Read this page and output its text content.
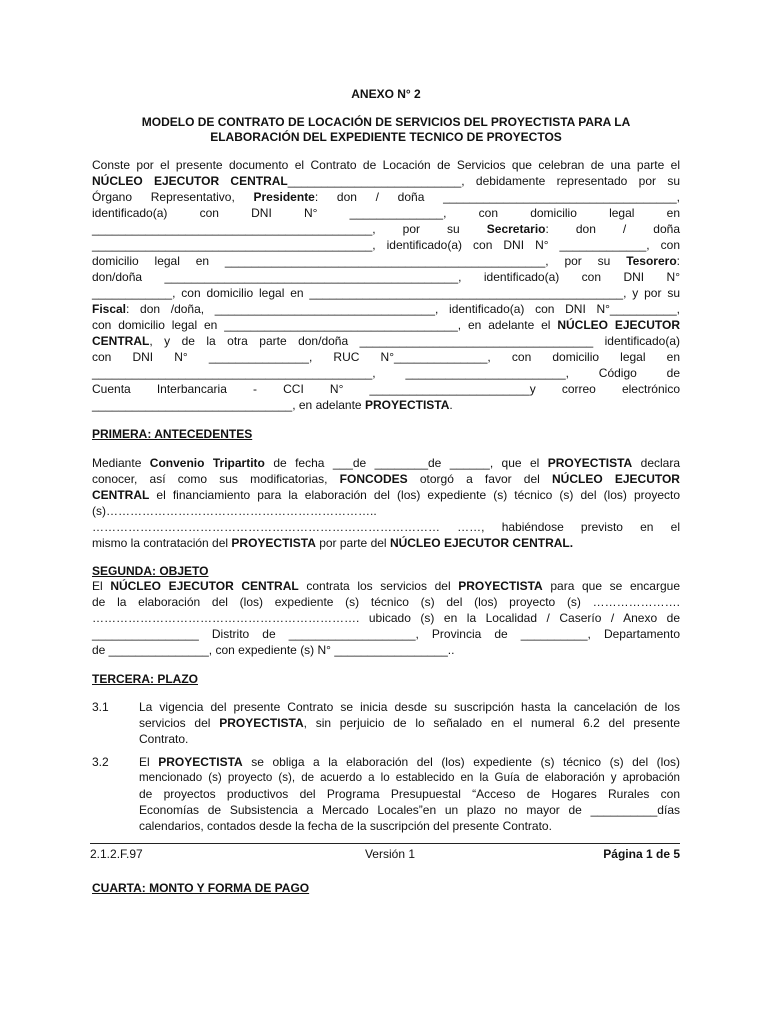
ANEXO N° 2
MODELO DE CONTRATO DE LOCACIÓN DE SERVICIOS DEL PROYECTISTA PARA LA
ELABORACIÓN DEL EXPEDIENTE TECNICO DE PROYECTOS
Conste por el presente documento el Contrato de Locación de Servicios que celebran de una parte el
NÚCLEO EJECUTOR CENTRAL__________________________, debidamente representado por su
Órgano Representativo, Presidente: don / doña ___________________________________,
identificado(a) con DNI N° ______________, con domicilio legal en
__________________________________________, por su Secretario: don / doña
__________________________________________, identificado(a) con DNI N° _____________, con
domicilio legal en ________________________________________________, por su Tesorero:
don/doña ____________________________________________, identificado(a) con DNI N°
____________, con domicilio legal en _______________________________________________, y por su
Fiscal: don /doña, _________________________________, identificado(a) con DNI N°__________,
con domicilio legal en ___________________________________, en adelante el NÚCLEO EJECUTOR
CENTRAL, y de la otra parte don/doña ___________________________________ identificado(a)
con DNI N° _______________, RUC N°______________, con domicilio legal en
__________________________________________, ________________________, Código de
Cuenta Interbancaria - CCI N° ________________________y correo electrónico
______________________________, en adelante PROYECTISTA.
PRIMERA: ANTECEDENTES
Mediante Convenio Tripartito de fecha ___de ________de ______, que el PROYECTISTA declara
conocer, así como sus modificatorias, FONCODES otorgó a favor del NÚCLEO EJECUTOR
CENTRAL el financiamiento para la elaboración del (los) expediente (s) técnico (s) del (los) proyecto
(s)…………………………………………………………..
…………………………………………………………………………… ……, habiéndose previsto en el
mismo la contratación del PROYECTISTA por parte del NÚCLEO EJECUTOR CENTRAL.
SEGUNDA: OBJETO
El NÚCLEO EJECUTOR CENTRAL contrata los servicios del PROYECTISTA para que se encargue
de la elaboración del (los) expediente (s) técnico (s) del (los) proyecto (s) ………………….
…………………………………………………………. ubicado (s) en la Localidad / Caserío / Anexo de
________________ Distrito de ___________________, Provincia de __________, Departamento
de _______________, con expediente (s) N° _________________..
TERCERA: PLAZO
3.1	La vigencia del presente Contrato se inicia desde su suscripción hasta la cancelación de los
servicios del PROYECTISTA, sin perjuicio de lo señalado en el numeral 6.2 del presente
Contrato.
3.2	El PROYECTISTA se obliga a la elaboración del (los) expediente (s) técnico (s) del (los)
mencionado (s) proyecto (s), de acuerdo a lo establecido en la Guía de elaboración y aprobación
de proyectos productivos del Programa Presupuestal “Acceso de Hogares Rurales con
Economías de Subsistencia a Mercado Locales”en un plazo no mayor de __________días
calendarios, contados desde la fecha de la suscripción del presente Contrato.
2.1.2.F.97	Versión 1	Página 1 de 5
CUARTA: MONTO Y FORMA DE PAGO
